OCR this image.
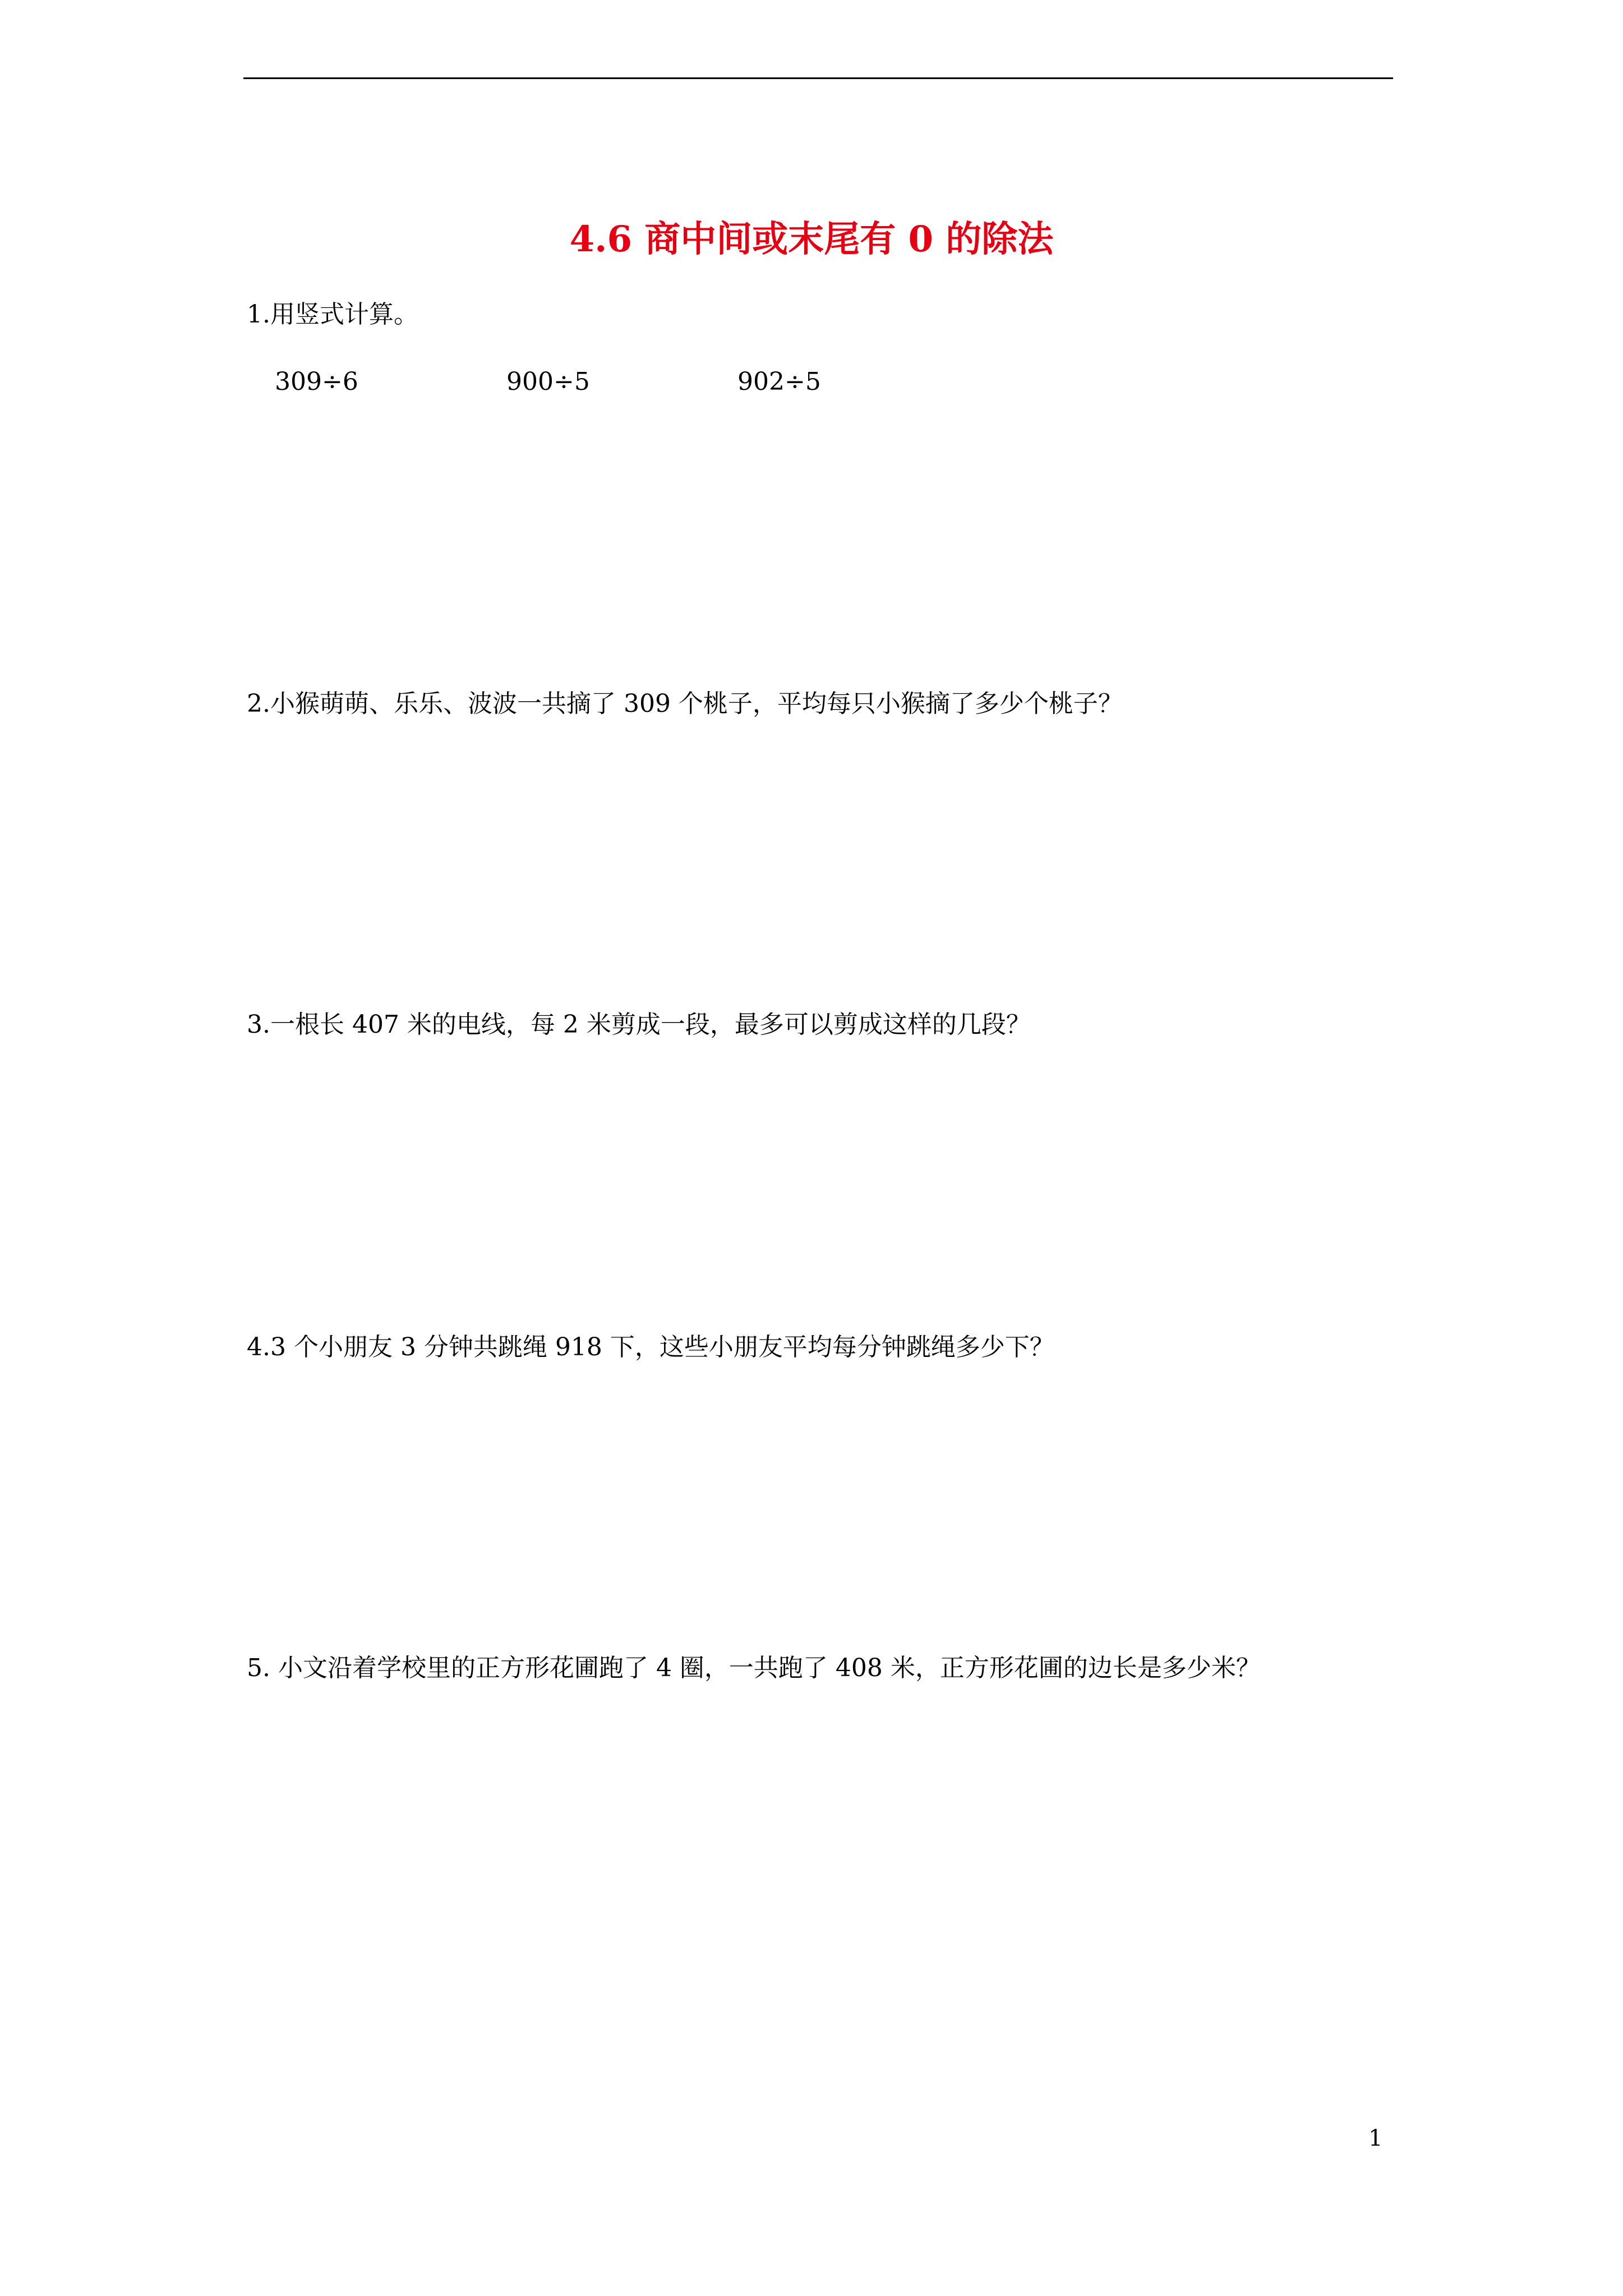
4.6 商中间或末尾有 0 的除法
1.用竖式计算。
309÷6	900÷5	902÷5
2.小猴萌萌、乐乐、波波一共摘了 309 个桃子，平均每只小猴摘了多少个桃子？
3.一根长 407 米的电线，每 2 米剪成一段，最多可以剪成这样的几段？
4.3 个小朋友 3 分钟共跳绳 918 下，这些小朋友平均每分钟跳绳多少下？
5. 小文沿着学校里的正方形花圃跑了 4 圈，一共跑了 408 米，正方形花圃的边长是多少米？
1
